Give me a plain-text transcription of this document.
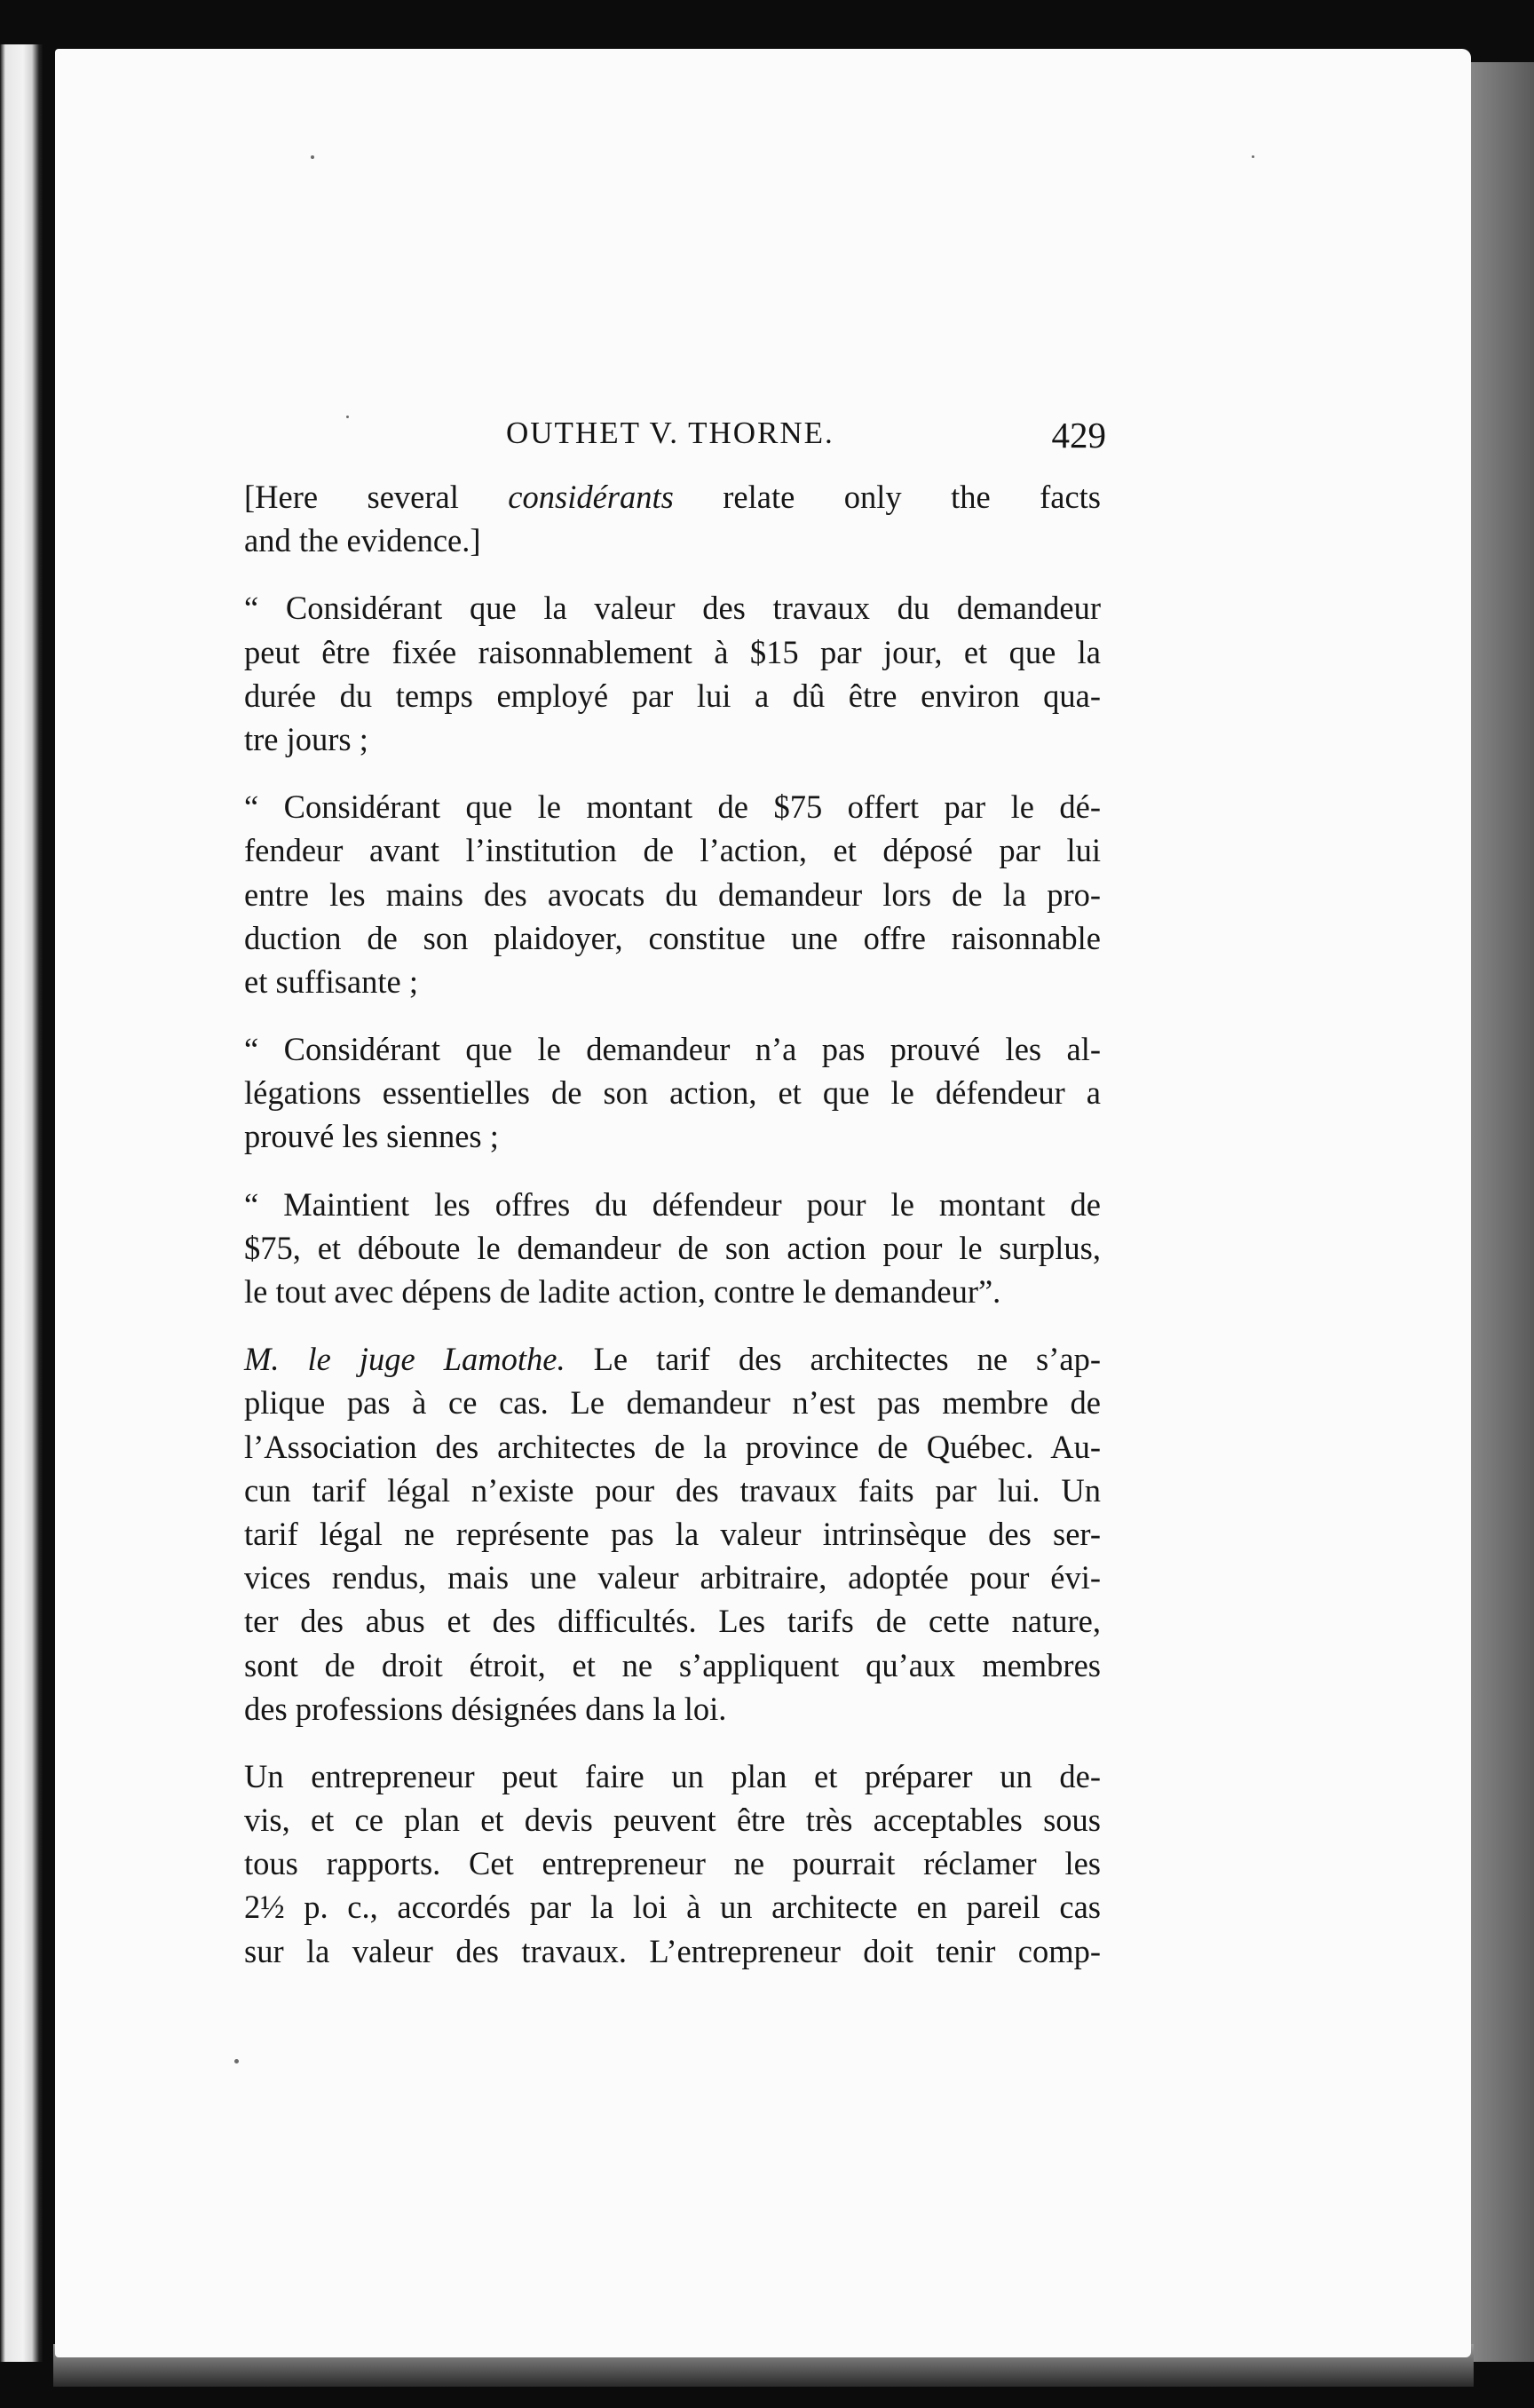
OUTHET V. THORNE.	429
[Here several considérants relate only the facts
and the evidence.]
“ Considérant que la valeur des travaux du demandeur
peut être fixée raisonnablement à $15 par jour, et que la
durée du temps employé par lui a dû être environ qua-
tre jours ;
“ Considérant que le montant de $75 offert par le dé-
fendeur avant l’institution de l’action, et déposé par lui
entre les mains des avocats du demandeur lors de la pro-
duction de son plaidoyer, constitue une offre raisonnable
et suffisante ;
“ Considérant que le demandeur n’a pas prouvé les al-
légations essentielles de son action, et que le défendeur a
prouvé les siennes ;
“ Maintient les offres du défendeur pour le montant de
$75, et déboute le demandeur de son action pour le surplus,
le tout avec dépens de ladite action, contre le demandeur”.
M. le juge Lamothe. Le tarif des architectes ne s’ap-
plique pas à ce cas. Le demandeur n’est pas membre de
l’Association des architectes de la province de Québec. Au-
cun tarif légal n’existe pour des travaux faits par lui. Un
tarif légal ne représente pas la valeur intrinsèque des ser-
vices rendus, mais une valeur arbitraire, adoptée pour évi-
ter des abus et des difficultés. Les tarifs de cette nature,
sont de droit étroit, et ne s’appliquent qu’aux membres
des professions désignées dans la loi.
Un entrepreneur peut faire un plan et préparer un de-
vis, et ce plan et devis peuvent être très acceptables sous
tous rapports. Cet entrepreneur ne pourrait réclamer les
2½ p. c., accordés par la loi à un architecte en pareil cas
sur la valeur des travaux. L’entrepreneur doit tenir comp-
